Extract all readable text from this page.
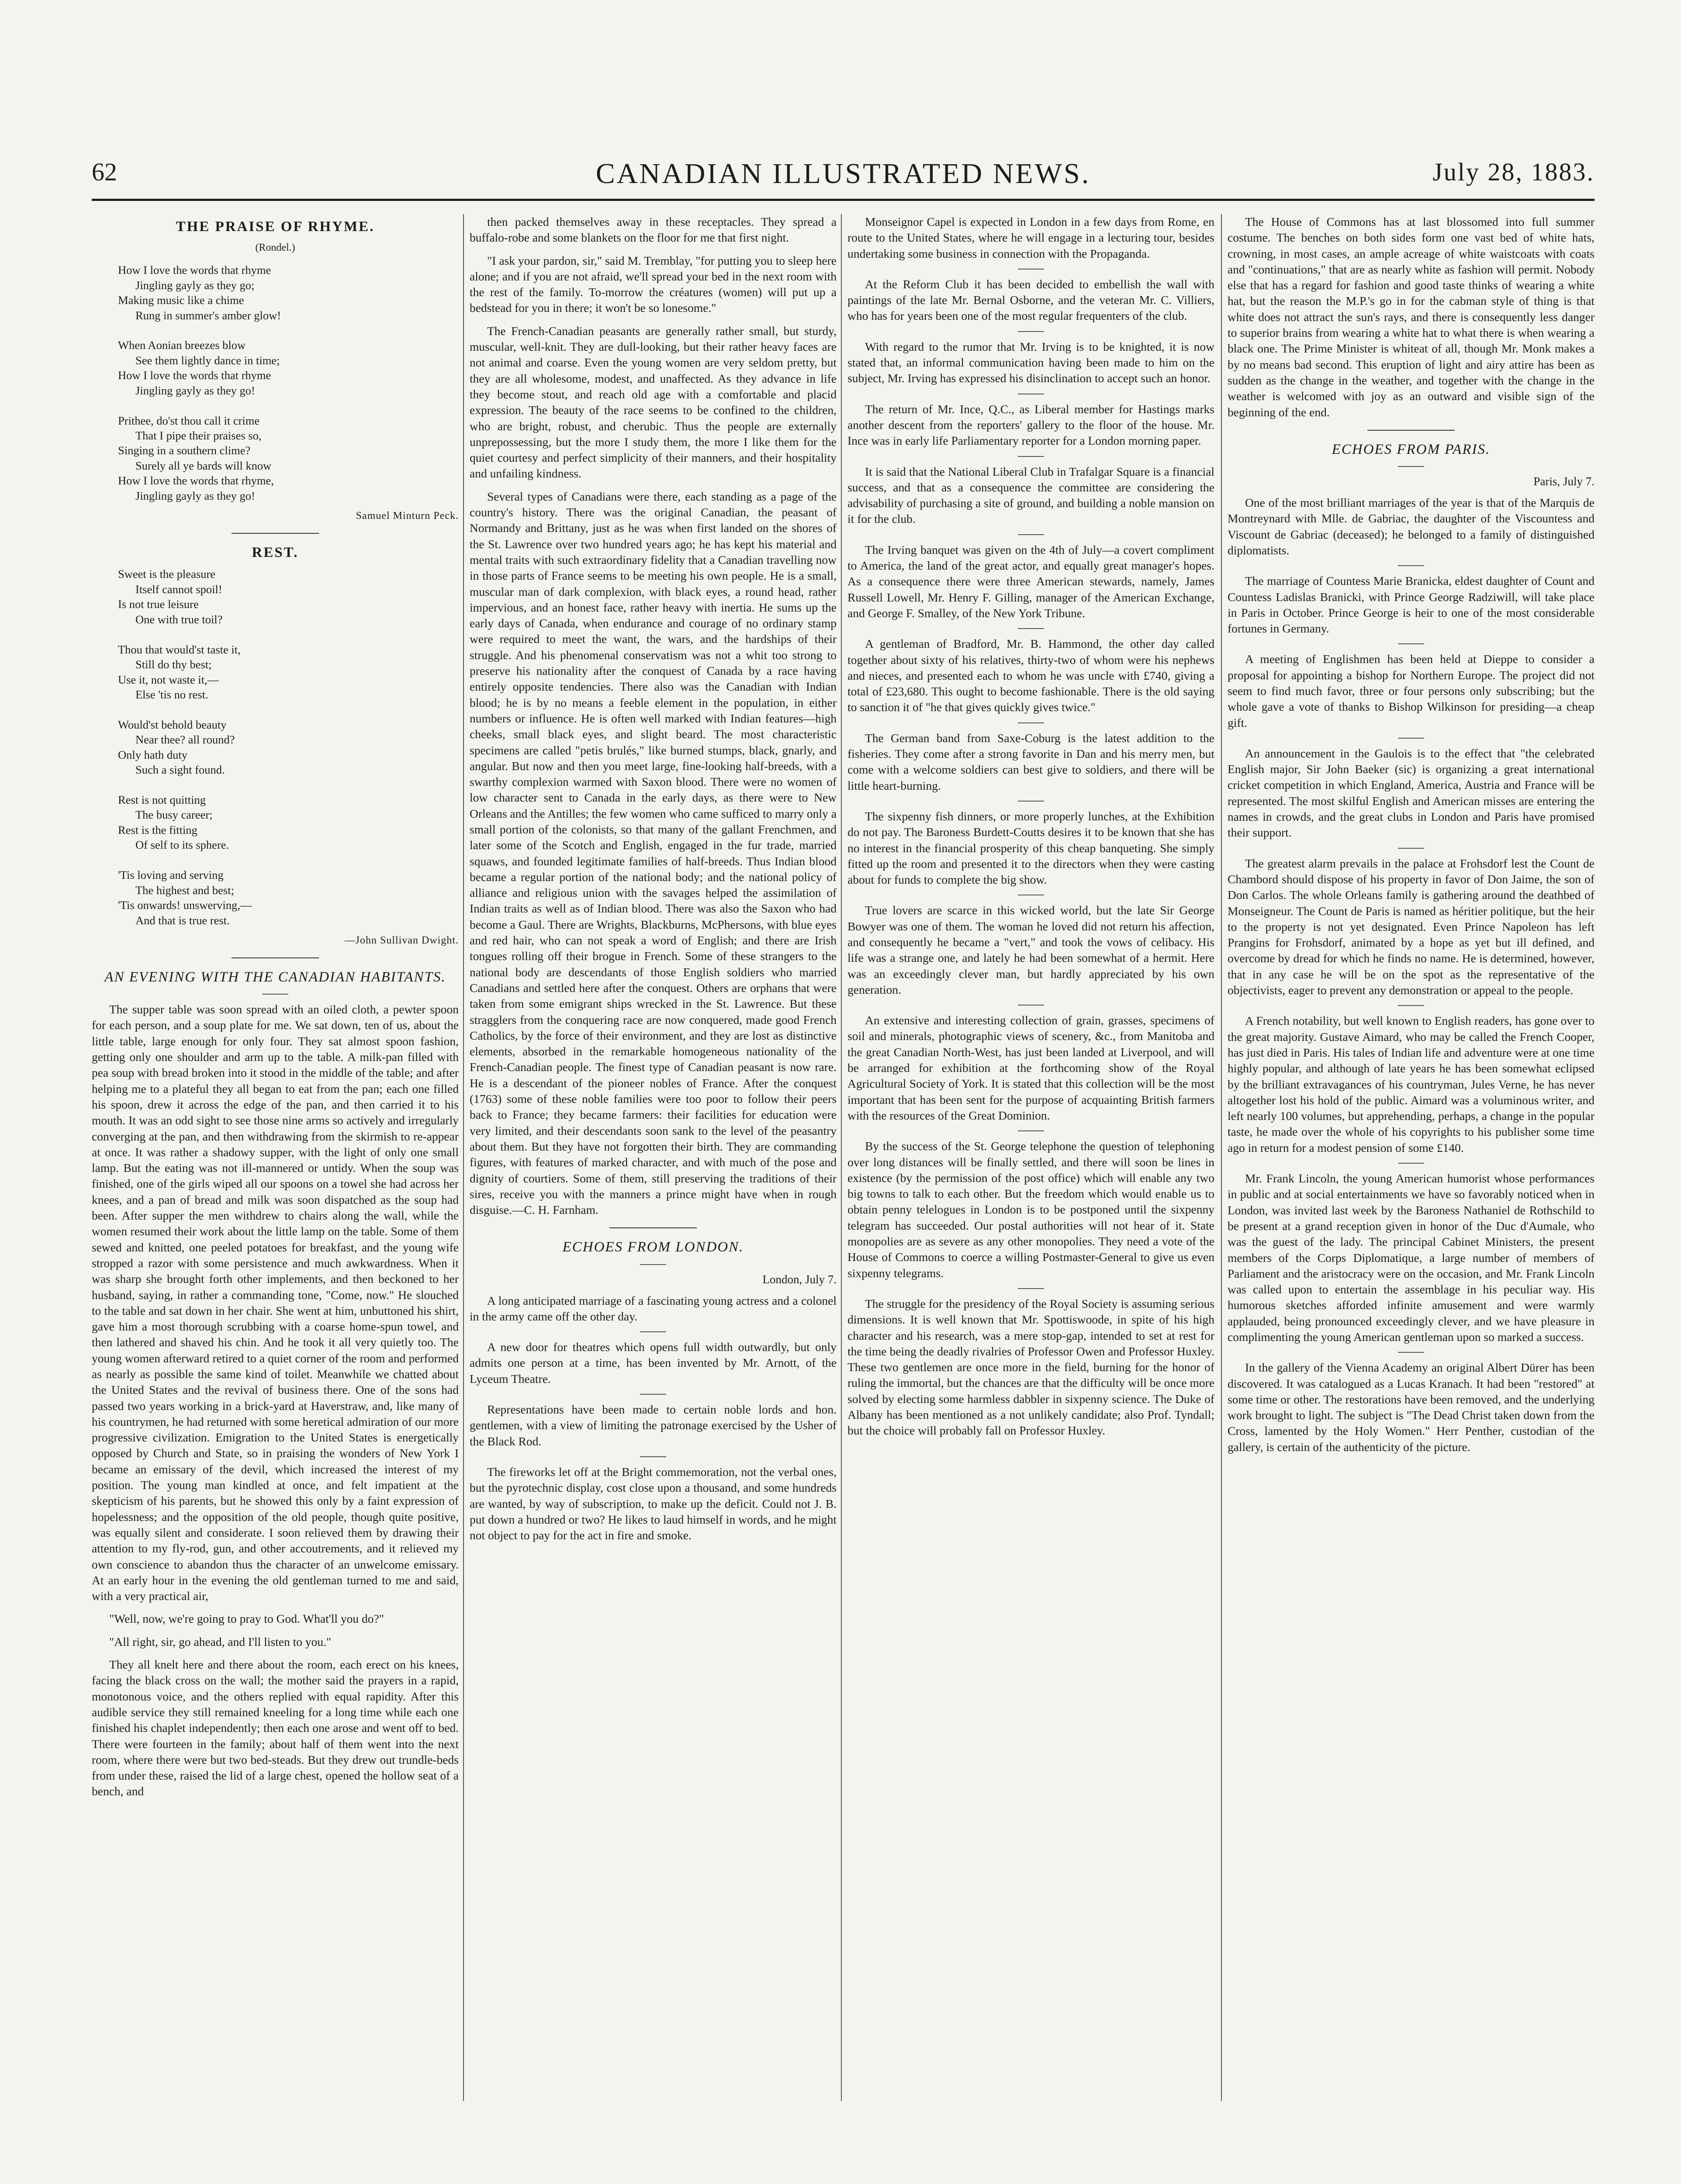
62	CANADIAN ILLUSTRATED NEWS.	July 28, 1883.
THE PRAISE OF RHYME.
(Rondel.)
How I love the words that rhyme
Jingling gayly as they go;
Making music like a chime
Rung in summer's amber glow!

When Aonian breezes blow
See them lightly dance in time;
How I love the words that rhyme
Jingling gayly as they go!

Prithee, do'st thou call it crime
That I pipe their praises so,
Singing in a southern clime?
Surely all ye bards will know
How I love the words that rhyme,
Jingling gayly as they go!
Samuel Minturn Peck.
REST.
Sweet is the pleasure
Itself cannot spoil!
Is not true leisure
One with true toil?

Thou that would'st taste it,
Still do thy best;
Use it, not waste it,—
Else 'tis no rest.

Would'st behold beauty
Near thee? all round?
Only hath duty
Such a sight found.

Rest is not quitting
The busy career;
Rest is the fitting
Of self to its sphere.

'Tis loving and serving
The highest and best;
'Tis onwards! unswerving,—
And that is true rest.
—John Sullivan Dwight.
AN EVENING WITH THE CANADIAN HABITANTS.

The supper table was soon spread with an oiled cloth, a pewter spoon for each person, and a soup plate for me. We sat down, ten of us, about the little table, large enough for only four. They sat almost spoon fashion, getting only one shoulder and arm up to the table. A milk-pan filled with pea soup with bread broken into it stood in the middle of the table; and after helping me to a plateful they all began to eat from the pan; each one filled his spoon, drew it across the edge of the pan, and then carried it to his mouth. It was an odd sight to see those nine arms so actively and irregularly converging at the pan, and then withdrawing from the skirmish to re-appear at once. It was rather a shadowy supper, with the light of only one small lamp. But the eating was not ill-mannered or untidy. When the soup was finished, one of the girls wiped all our spoons on a towel she had across her knees, and a pan of bread and milk was soon dispatched as the soup had been. After supper the men withdrew to chairs along the wall, while the women resumed their work about the little lamp on the table. Some of them sewed and knitted, one peeled potatoes for breakfast, and the young wife stropped a razor with some persistence and much awkwardness. When it was sharp she brought forth other implements, and then beckoned to her husband, saying, in rather a commanding tone, "Come, now." He slouched to the table and sat down in her chair. She went at him, unbuttoned his shirt, gave him a most thorough scrubbing with a coarse home-spun towel, and then lathered and shaved his chin. And he took it all very quietly too. The young women afterward retired to a quiet corner of the room and performed as nearly as possible the same kind of toilet. Meanwhile we chatted about the United States and the revival of business there. One of the sons had passed two years working in a brick-yard at Haverstraw, and, like many of his countrymen, he had returned with some heretical admiration of our more progressive civilization. Emigration to the United States is energetically opposed by Church and State, so in praising the wonders of New York I became an emissary of the devil, which increased the interest of my position. The young man kindled at once, and felt impatient at the skepticism of his parents, but he showed this only by a faint expression of hopelessness; and the opposition of the old people, though quite positive, was equally silent and considerate. I soon relieved them by drawing their attention to my fly-rod, gun, and other accoutrements, and it relieved my own conscience to abandon thus the character of an unwelcome emissary. At an early hour in the evening the old gentleman turned to me and said, with a very practical air,

"Well, now, we're going to pray to God. What'll you do?"

"All right, sir, go ahead, and I'll listen to you."

They all knelt here and there about the room, each erect on his knees, facing the black cross on the wall; the mother said the prayers in a rapid, monotonous voice, and the others replied with equal rapidity. After this audible service they still remained kneeling for a long time while each one finished his chaplet independently; then each one arose and went off to bed. There were fourteen in the family; about half of them went into the next room, where there were but two bed-steads. But they drew out trundle-beds from under these, raised the lid of a large chest, opened the hollow seat of a bench, and

then packed themselves away in these receptacles. They spread a buffalo-robe and some blankets on the floor for me that first night.

"I ask your pardon, sir," said M. Tremblay, "for putting you to sleep here alone; and if you are not afraid, we'll spread your bed in the next room with the rest of the family. To-morrow the créatures (women) will put up a bedstead for you in there; it won't be so lonesome."

The French-Canadian peasants are generally rather small, but sturdy, muscular, well-knit. They are dull-looking, but their rather heavy faces are not animal and coarse. Even the young women are very seldom pretty, but they are all wholesome, modest, and unaffected. As they advance in life they become stout, and reach old age with a comfortable and placid expression. The beauty of the race seems to be confined to the children, who are bright, robust, and cherubic. Thus the people are externally unprepossessing, but the more I study them, the more I like them for the quiet courtesy and perfect simplicity of their manners, and their hospitality and unfailing kindness.

Several types of Canadians were there, each standing as a page of the country's history. There was the original Canadian, the peasant of Normandy and Brittany, just as he was when first landed on the shores of the St. Lawrence over two hundred years ago; he has kept his material and mental traits with such extraordinary fidelity that a Canadian travelling now in those parts of France seems to be meeting his own people. He is a small, muscular man of dark complexion, with black eyes, a round head, rather impervious, and an honest face, rather heavy with inertia. He sums up the early days of Canada, when endurance and courage of no ordinary stamp were required to meet the want, the wars, and the hardships of their struggle. And his phenomenal conservatism was not a whit too strong to preserve his nationality after the conquest of Canada by a race having entirely opposite tendencies. There also was the Canadian with Indian blood; he is by no means a feeble element in the population, in either numbers or influence. He is often well marked with Indian features—high cheeks, small black eyes, and slight beard. The most characteristic specimens are called "petis brulés," like burned stumps, black, gnarly, and angular. But now and then you meet large, fine-looking half-breeds, with a swarthy complexion warmed with Saxon blood. There were no women of low character sent to Canada in the early days, as there were to New Orleans and the Antilles; the few women who came sufficed to marry only a small portion of the colonists, so that many of the gallant Frenchmen, and later some of the Scotch and English, engaged in the fur trade, married squaws, and founded legitimate families of half-breeds. Thus Indian blood became a regular portion of the national body; and the national policy of alliance and religious union with the savages helped the assimilation of Indian traits as well as of Indian blood. There was also the Saxon who had become a Gaul. There are Wrights, Blackburns, McPhersons, with blue eyes and red hair, who can not speak a word of English; and there are Irish tongues rolling off their brogue in French. Some of these strangers to the national body are descendants of those English soldiers who married Canadians and settled here after the conquest. Others are orphans that were taken from some emigrant ships wrecked in the St. Lawrence. But these stragglers from the conquering race are now conquered, made good French Catholics, by the force of their environment, and they are lost as distinctive elements, absorbed in the remarkable homogeneous nationality of the French-Canadian people. The finest type of Canadian peasant is now rare. He is a descendant of the pioneer nobles of France. After the conquest (1763) some of these noble families were too poor to follow their peers back to France; they became farmers: their facilities for education were very limited, and their descendants soon sank to the level of the peasantry about them. But they have not forgotten their birth. They are commanding figures, with features of marked character, and with much of the pose and dignity of courtiers. Some of them, still preserving the traditions of their sires, receive you with the manners a prince might have when in rough disguise.—C. H. Farnham.

ECHOES FROM LONDON.
London, July 7.

A long anticipated marriage of a fascinating young actress and a colonel in the army came off the other day.

A new door for theatres which opens full width outwardly, but only admits one person at a time, has been invented by Mr. Arnott, of the Lyceum Theatre.

Representations have been made to certain noble lords and hon. gentlemen, with a view of limiting the patronage exercised by the Usher of the Black Rod.

The fireworks let off at the Bright commemoration, not the verbal ones, but the pyrotechnic display, cost close upon a thousand, and some hundreds are wanted, by way of subscription, to make up the deficit. Could not J. B. put down a hundred or two? He likes to laud himself in words, and he might not object to pay for the act in fire and smoke.

Monseignor Capel is expected in London in a few days from Rome, en route to the United States, where he will engage in a lecturing tour, besides undertaking some business in connection with the Propaganda.

At the Reform Club it has been decided to embellish the wall with paintings of the late Mr. Bernal Osborne, and the veteran Mr. C. Villiers, who has for years been one of the most regular frequenters of the club.

With regard to the rumor that Mr. Irving is to be knighted, it is now stated that, an informal communication having been made to him on the subject, Mr. Irving has expressed his disinclination to accept such an honor.

The return of Mr. Ince, Q.C., as Liberal member for Hastings marks another descent from the reporters' gallery to the floor of the house. Mr. Ince was in early life Parliamentary reporter for a London morning paper.

It is said that the National Liberal Club in Trafalgar Square is a financial success, and that as a consequence the committee are considering the advisability of purchasing a site of ground, and building a noble mansion on it for the club.

The Irving banquet was given on the 4th of July—a covert compliment to America, the land of the great actor, and equally great manager's hopes. As a consequence there were three American stewards, namely, James Russell Lowell, Mr. Henry F. Gilling, manager of the American Exchange, and George F. Smalley, of the New York Tribune.

A gentleman of Bradford, Mr. B. Hammond, the other day called together about sixty of his relatives, thirty-two of whom were his nephews and nieces, and presented each to whom he was uncle with £740, giving a total of £23,680. This ought to become fashionable. There is the old saying to sanction it of "he that gives quickly gives twice."

The German band from Saxe-Coburg is the latest addition to the fisheries. They come after a strong favorite in Dan and his merry men, but come with a welcome soldiers can best give to soldiers, and there will be little heart-burning.

The sixpenny fish dinners, or more properly lunches, at the Exhibition do not pay. The Baroness Burdett-Coutts desires it to be known that she has no interest in the financial prosperity of this cheap banqueting. She simply fitted up the room and presented it to the directors when they were casting about for funds to complete the big show.

True lovers are scarce in this wicked world, but the late Sir George Bowyer was one of them. The woman he loved did not return his affection, and consequently he became a "vert," and took the vows of celibacy. His life was a strange one, and lately he had been somewhat of a hermit. Here was an exceedingly clever man, but hardly appreciated by his own generation.

An extensive and interesting collection of grain, grasses, specimens of soil and minerals, photographic views of scenery, &c., from Manitoba and the great Canadian North-West, has just been landed at Liverpool, and will be arranged for exhibition at the forthcoming show of the Royal Agricultural Society of York. It is stated that this collection will be the most important that has been sent for the purpose of acquainting British farmers with the resources of the Great Dominion.

By the success of the St. George telephone the question of telephoning over long distances will be finally settled, and there will soon be lines in existence (by the permission of the post office) which will enable any two big towns to talk to each other. But the freedom which would enable us to obtain penny telelogues in London is to be postponed until the sixpenny telegram has succeeded. Our postal authorities will not hear of it. State monopolies are as severe as any other monopolies. They need a vote of the House of Commons to coerce a willing Postmaster-General to give us even sixpenny telegrams.

The struggle for the presidency of the Royal Society is assuming serious dimensions. It is well known that Mr. Spottiswoode, in spite of his high character and his research, was a mere stop-gap, intended to set at rest for the time being the deadly rivalries of Professor Owen and Professor Huxley. These two gentlemen are once more in the field, burning for the honor of ruling the immortal, but the chances are that the difficulty will be once more solved by electing some harmless dabbler in sixpenny science. The Duke of Albany has been mentioned as a not unlikely candidate; also Prof. Tyndall; but the choice will probably fall on Professor Huxley.

The House of Commons has at last blossomed into full summer costume. The benches on both sides form one vast bed of white hats, crowning, in most cases, an ample acreage of white waistcoats with coats and "continuations," that are as nearly white as fashion will permit. Nobody else that has a regard for fashion and good taste thinks of wearing a white hat, but the reason the M.P.'s go in for the cabman style of thing is that white does not attract the sun's rays, and there is consequently less danger to superior brains from wearing a white hat to what there is when wearing a black one. The Prime Minister is whiteat of all, though Mr. Monk makes a by no means bad second. This eruption of light and airy attire has been as sudden as the change in the weather, and together with the change in the weather is welcomed with joy as an outward and visible sign of the beginning of the end.

ECHOES FROM PARIS.
Paris, July 7.

One of the most brilliant marriages of the year is that of the Marquis de Montreynard with Mlle. de Gabriac, the daughter of the Viscountess and Viscount de Gabriac (deceased); he belonged to a family of distinguished diplomatists.

The marriage of Countess Marie Branicka, eldest daughter of Count and Countess Ladislas Branicki, with Prince George Radziwill, will take place in Paris in October. Prince George is heir to one of the most considerable fortunes in Germany.

A meeting of Englishmen has been held at Dieppe to consider a proposal for appointing a bishop for Northern Europe. The project did not seem to find much favor, three or four persons only subscribing; but the whole gave a vote of thanks to Bishop Wilkinson for presiding—a cheap gift.

An announcement in the Gaulois is to the effect that "the celebrated English major, Sir John Baeker (sic) is organizing a great international cricket competition in which England, America, Austria and France will be represented. The most skilful English and American misses are entering the names in crowds, and the great clubs in London and Paris have promised their support.

The greatest alarm prevails in the palace at Frohsdorf lest the Count de Chambord should dispose of his property in favor of Don Jaime, the son of Don Carlos. The whole Orleans family is gathering around the deathbed of Monseigneur. The Count de Paris is named as héritier politique, but the heir to the property is not yet designated. Even Prince Napoleon has left Prangins for Frohsdorf, animated by a hope as yet but ill defined, and overcome by dread for which he finds no name. He is determined, however, that in any case he will be on the spot as the representative of the objectivists, eager to prevent any demonstration or appeal to the people.

A French notability, but well known to English readers, has gone over to the great majority. Gustave Aimard, who may be called the French Cooper, has just died in Paris. His tales of Indian life and adventure were at one time highly popular, and although of late years he has been somewhat eclipsed by the brilliant extravagances of his countryman, Jules Verne, he has never altogether lost his hold of the public. Aimard was a voluminous writer, and left nearly 100 volumes, but apprehending, perhaps, a change in the popular taste, he made over the whole of his copyrights to his publisher some time ago in return for a modest pension of some £140.

Mr. Frank Lincoln, the young American humorist whose performances in public and at social entertainments we have so favorably noticed when in London, was invited last week by the Baroness Nathaniel de Rothschild to be present at a grand reception given in honor of the Duc d'Aumale, who was the guest of the lady. The principal Cabinet Ministers, the present members of the Corps Diplomatique, a large number of members of Parliament and the aristocracy were on the occasion, and Mr. Frank Lincoln was called upon to entertain the assemblage in his peculiar way. His humorous sketches afforded infinite amusement and were warmly applauded, being pronounced exceedingly clever, and we have pleasure in complimenting the young American gentleman upon so marked a success.

In the gallery of the Vienna Academy an original Albert Dürer has been discovered. It was catalogued as a Lucas Kranach. It had been "restored" at some time or other. The restorations have been removed, and the underlying work brought to light. The subject is "The Dead Christ taken down from the Cross, lamented by the Holy Women." Herr Penther, custodian of the gallery, is certain of the authenticity of the picture.
